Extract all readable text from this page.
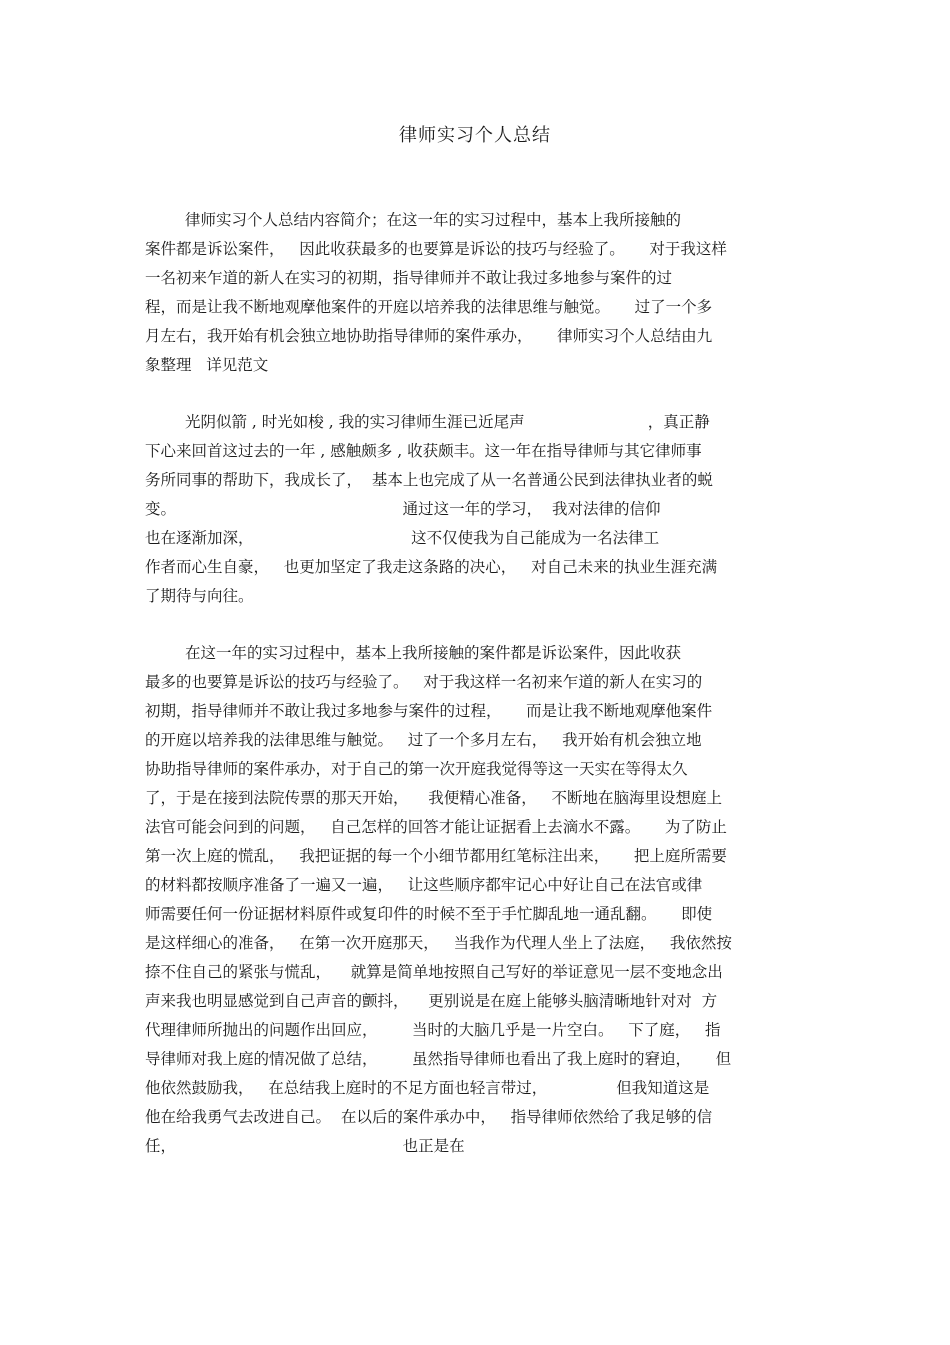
律师实习个人总结
律师实习个人总结内容简介；在这一年的实习过程中，基本上我所接触的
案件都是诉讼案件，   因此收获最多的也要算是诉讼的技巧与经验了。     对于我这样
一名初来乍道的新人在实习的初期，指导律师并不敢让我过多地参与案件的过
程，而是让我不断地观摩他案件的开庭以培养我的法律思维与触觉。     过了一个多
月左右，我开始有机会独立地协助指导律师的案件承办，     律师实习个人总结由九
象整理   详见范文
光阴似箭 , 时光如梭 , 我的实习律师生涯已近尾声                         ，真正静
下心来回首这过去的一年 , 感触颇多 , 收获颇丰。这一年在指导律师与其它律师事
务所同事的帮助下，我成长了，  基本上也完成了从一名普通公民到法律执业者的蜕
变。                                              通过这一年的学习，  我对法律的信仰
也在逐渐加深，                                这不仅使我为自己能成为一名法律工
作者而心生自豪，   也更加坚定了我走这条路的决心，   对自己未来的执业生涯充满
了期待与向往。
在这一年的实习过程中，基本上我所接触的案件都是诉讼案件，因此收获
最多的也要算是诉讼的技巧与经验了。   对于我这样一名初来乍道的新人在实习的
初期，指导律师并不敢让我过多地参与案件的过程，     而是让我不断地观摩他案件
的开庭以培养我的法律思维与触觉。   过了一个多月左右，   我开始有机会独立地
协助指导律师的案件承办，对于自己的第一次开庭我觉得等这一天实在等得太久
了，于是在接到法院传票的那天开始，    我便精心准备，   不断地在脑海里设想庭上
法官可能会问到的问题，   自己怎样的回答才能让证据看上去滴水不露。     为了防止
第一次上庭的慌乱，   我把证据的每一个小细节都用红笔标注出来，     把上庭所需要
的材料都按顺序准备了一遍又一遍，   让这些顺序都牢记心中好让自己在法官或律
师需要任何一份证据材料原件或复印件的时候不至于手忙脚乱地一通乱翻。     即使
是这样细心的准备，   在第一次开庭那天，   当我作为代理人坐上了法庭，   我依然按
捺不住自己的紧张与慌乱，    就算是简单地按照自己写好的举证意见一层不变地念出
声来我也明显感觉到自己声音的颤抖，    更别说是在庭上能够头脑清晰地针对对  方
代理律师所抛出的问题作出回应，       当时的大脑几乎是一片空白。   下了庭，   指
导律师对我上庭的情况做了总结，       虽然指导律师也看出了我上庭时的窘迫，     但
他依然鼓励我，   在总结我上庭时的不足方面也轻言带过，              但我知道这是
他在给我勇气去改进自己。  在以后的案件承办中，   指导律师依然给了我足够的信
任，                                              也正是在
